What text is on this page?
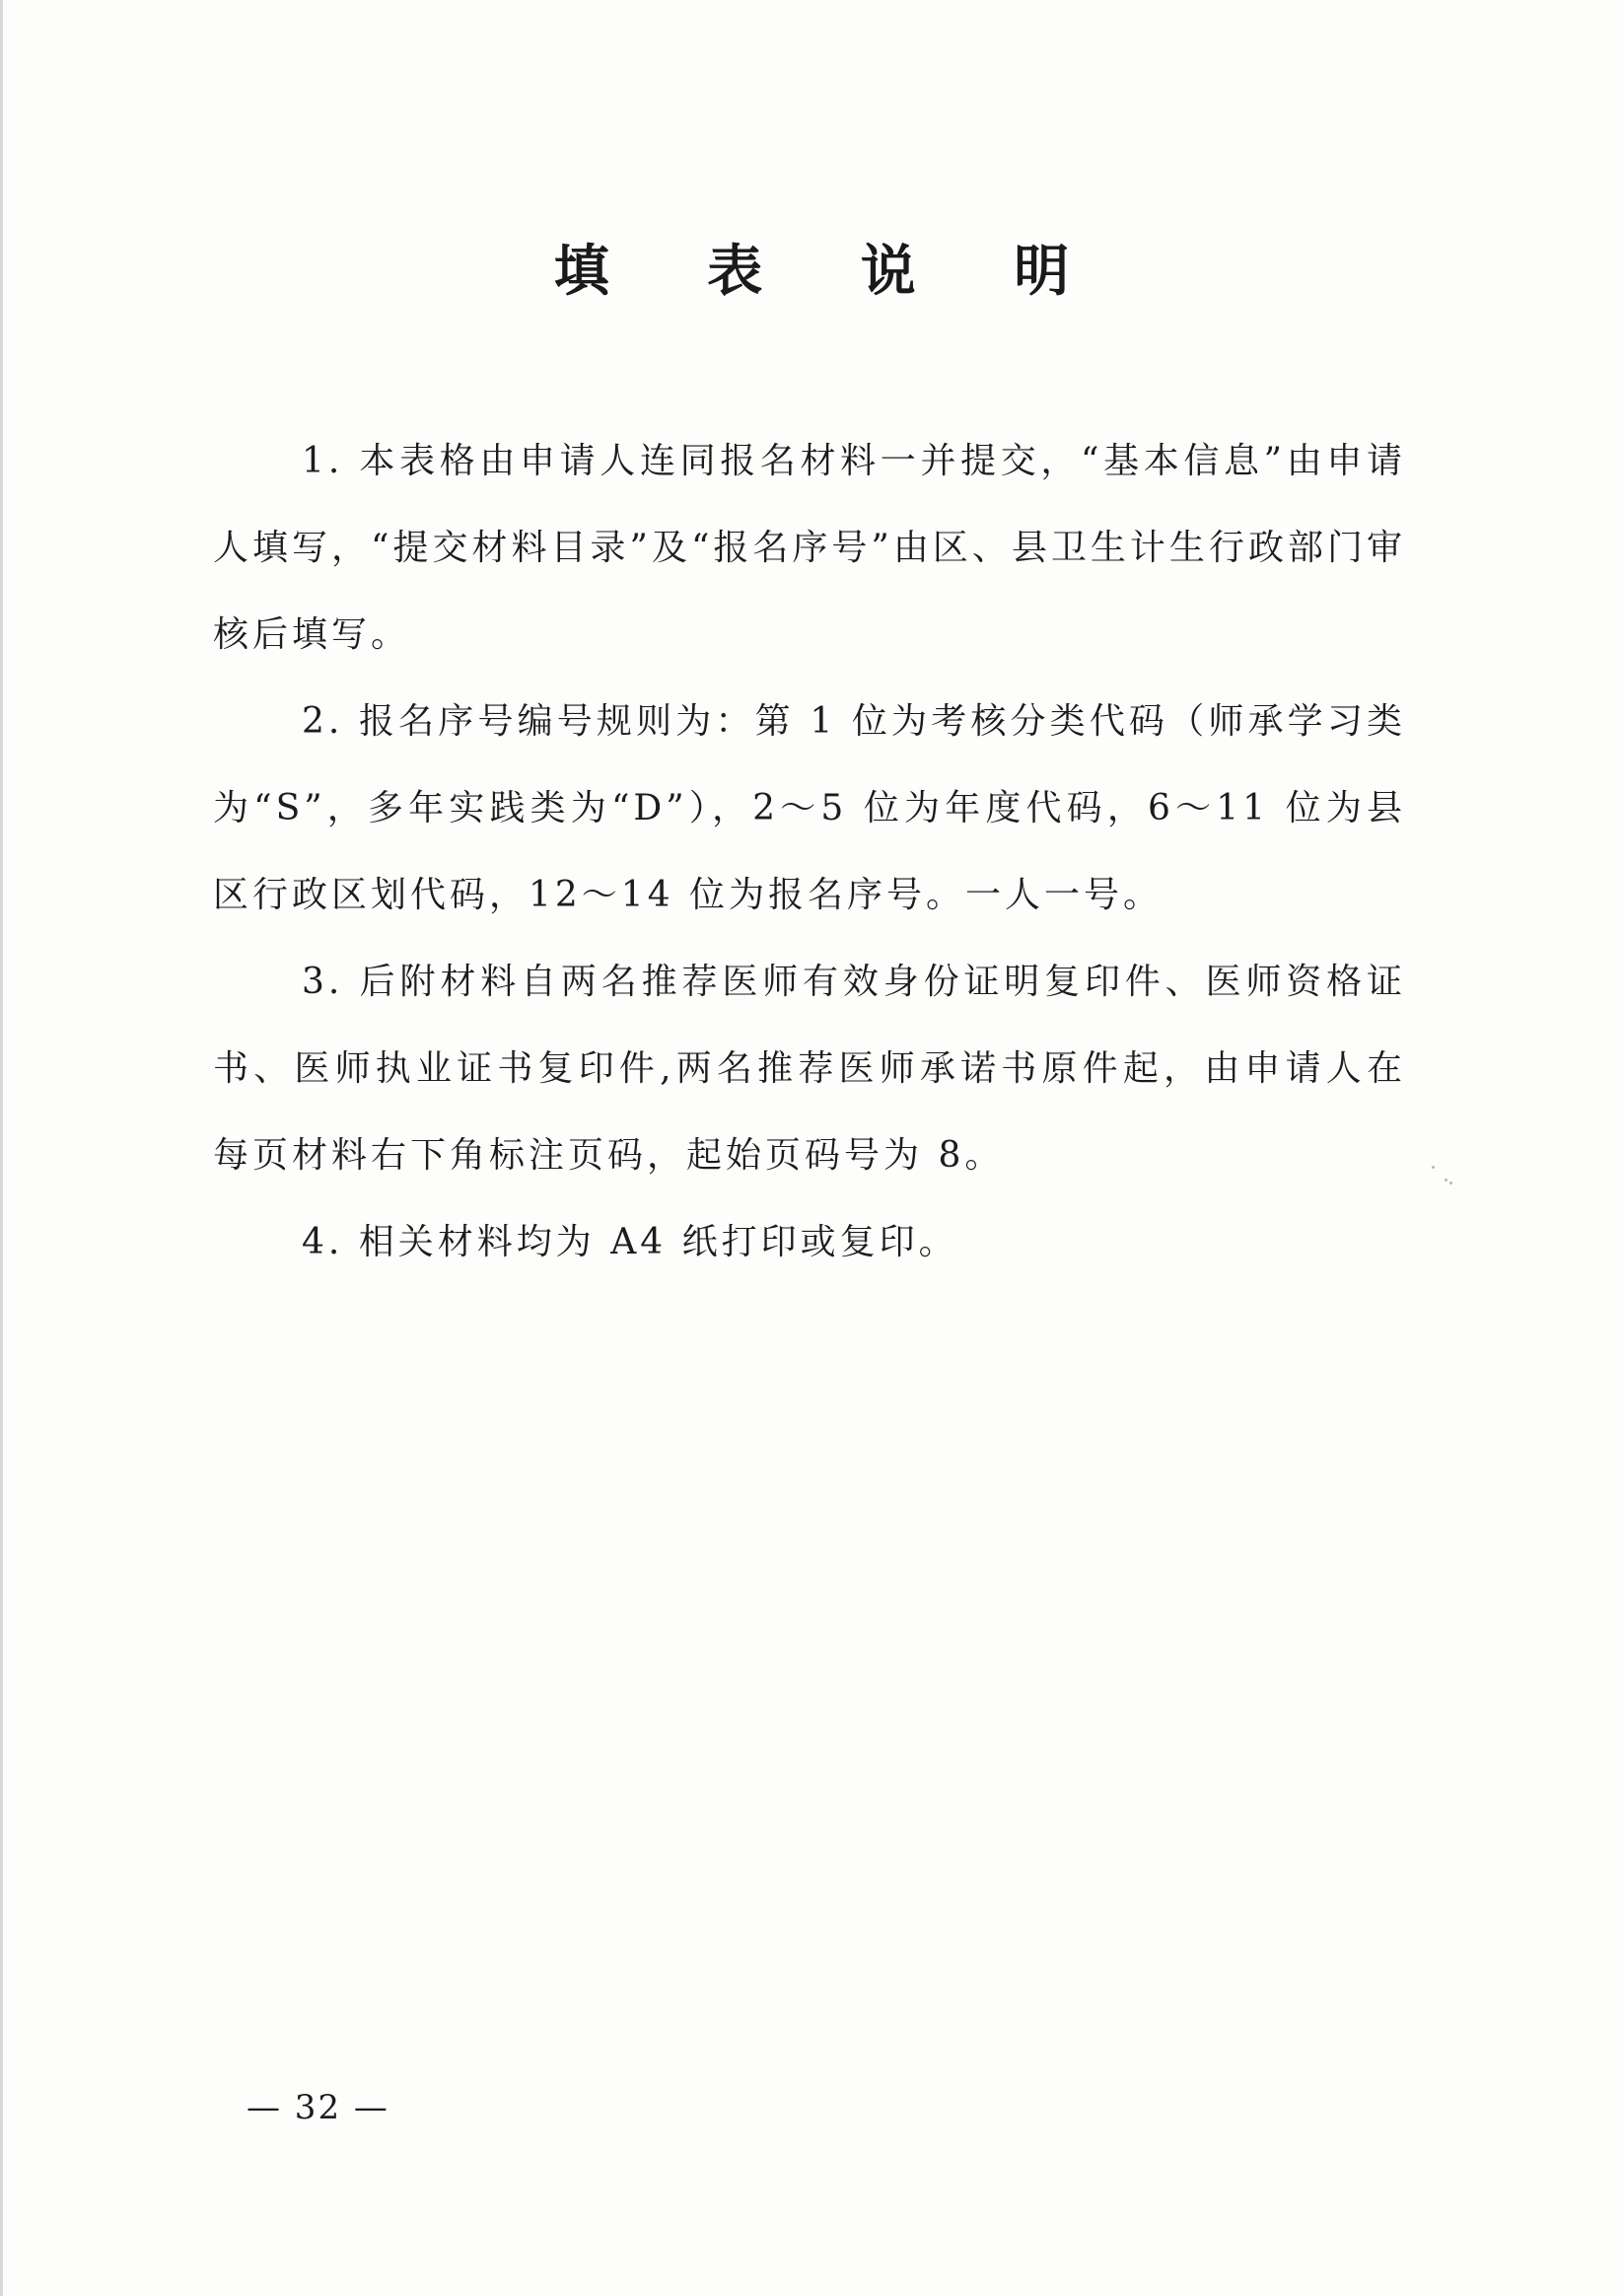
填 表 说 明

1. 本表格由申请人连同报名材料一并提交，“基本信息”由申请人填写，“提交材料目录”及“报名序号”由区、县卫生计生行政部门审核后填写。

2. 报名序号编号规则为：第 1 位为考核分类代码（师承学习类为“S”，多年实践类为“D”），2～5 位为年度代码，6～11 位为县区行政区划代码，12～14 位为报名序号。一人一号。

3. 后附材料自两名推荐医师有效身份证明复印件、医师资格证书、医师执业证书复印件,两名推荐医师承诺书原件起，由申请人在每页材料右下角标注页码，起始页码号为 8。

4. 相关材料均为 A4 纸打印或复印。

— 32 —
